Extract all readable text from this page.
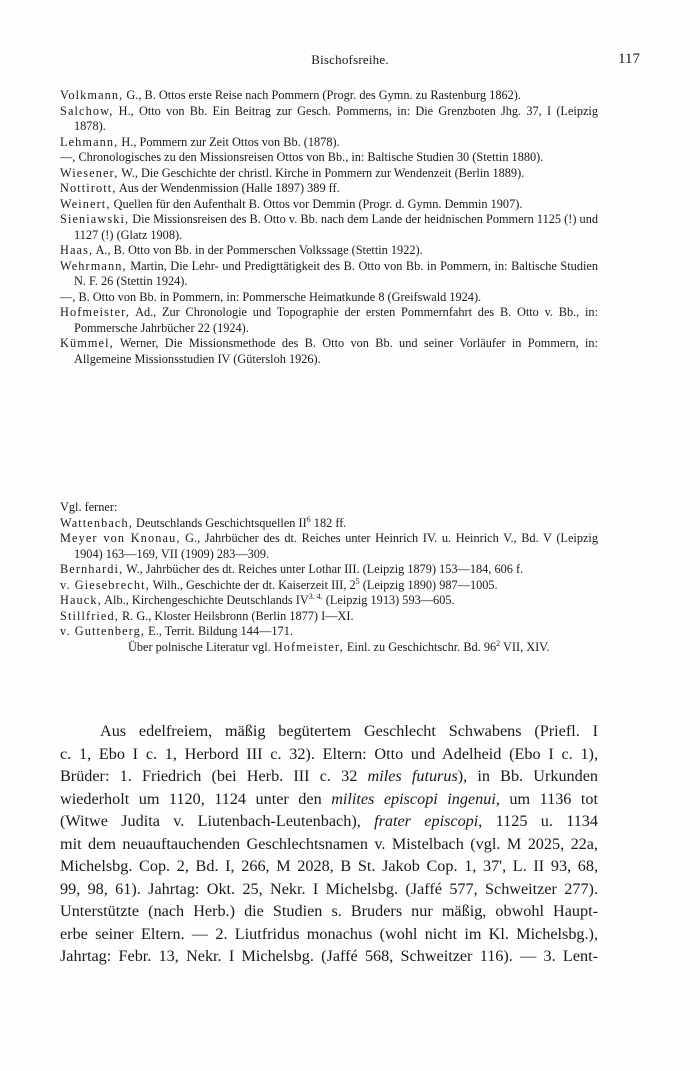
Bischofsreihe.	117
Volkmann, G., B. Ottos erste Reise nach Pommern (Progr. des Gymn. zu Rastenburg 1862).
Salchow, H., Otto von Bb. Ein Beitrag zur Gesch. Pommerns, in: Die Grenzboten Jhg. 37, I (Leipzig 1878).
Lehmann, H., Pommern zur Zeit Ottos von Bb. (1878).
—, Chronologisches zu den Missionsreisen Ottos von Bb., in: Baltische Studien 30 (Stettin 1880).
Wiesener, W., Die Geschichte der christl. Kirche in Pommern zur Wendenzeit (Berlin 1889).
Nottirott, Aus der Wendenmission (Halle 1897) 389 ff.
Weinert, Quellen für den Aufenthalt B. Ottos vor Demmin (Progr. d. Gymn. Demmin 1907).
Sieniawski, Die Missionsreisen des B. Otto v. Bb. nach dem Lande der heidnischen Pommern 1125 (!) und 1127 (!) (Glatz 1908).
Haas, A., B. Otto von Bb. in der Pommerschen Volkssage (Stettin 1922).
Wehrmann, Martin, Die Lehr- und Predigttätigkeit des B. Otto von Bb. in Pommern, in: Baltische Studien N. F. 26 (Stettin 1924).
—, B. Otto von Bb. in Pommern, in: Pommersche Heimatkunde 8 (Greifswald 1924).
Hofmeister, Ad., Zur Chronologie und Topographie der ersten Pommernfahrt des B. Otto v. Bb., in: Pommersche Jahrbücher 22 (1924).
Kümmel, Werner, Die Missionsmethode des B. Otto von Bb. und seiner Vorläufer in Pommern, in: Allgemeine Missionsstudien IV (Gütersloh 1926).
Vgl. ferner:
Wattenbach, Deutschlands Geschichtsquellen $II^6$ 182 ff.
Meyer von Knonau, G., Jahrbücher des dt. Reiches unter Heinrich IV. u. Heinrich V., Bd. V (Leipzig 1904) 163—169, VII (1909) 283—309.
Bernhardi, W., Jahrbücher des dt. Reiches unter Lothar III. (Leipzig 1879) 153—184, 606 f.
v. Giesebrecht, Wilh., Geschichte der dt. Kaiserzeit III, $2^5$ (Leipzig 1890) 987—1005.
Hauck, Alb., Kirchengeschichte Deutschlands $IV^{3. 4.}$ (Leipzig 1913) 593—605.
Stillfried, R. G., Kloster Heilsbronn (Berlin 1877) I—XI.
v. Guttenberg, E., Territ. Bildung 144—171.
Über polnische Literatur vgl. Hofmeister, Einl. zu Geschichtschr. Bd. $96^2$ VII, XIV.
Aus edelfreiem, mäßig begütertem Geschlecht Schwabens (Priefl. I
c. 1, Ebo I c. 1, Herbord III c. 32). Eltern: Otto und Adelheid (Ebo I c. 1),
Brüder: 1. Friedrich (bei Herb. III c. 32 miles futurus), in Bb. Urkunden
wiederholt um 1120, 1124 unter den milites episcopi ingenui, um 1136 tot
(Witwe Judita v. Liutenbach-Leutenbach), frater episcopi, 1125 u. 1134
mit dem neuauftauchenden Geschlechtsnamen v. Mistelbach (vgl. M 2025, 22a,
Michelsbg. Cop. 2, Bd. I, 266, M 2028, B St. Jakob Cop. 1, 37', L. II 93, 68,
99, 98, 61). Jahrtag: Okt. 25, Nekr. I Michelsbg. (Jaffé 577, Schweitzer 277).
Unterstützte (nach Herb.) die Studien s. Bruders nur mäßig, obwohl Haupt-
erbe seiner Eltern. — 2. Liutfridus monachus (wohl nicht im Kl. Michelsbg.),
Jahrtag: Febr. 13, Nekr. I Michelsbg. (Jaffé 568, Schweitzer 116). — 3. Lent-
